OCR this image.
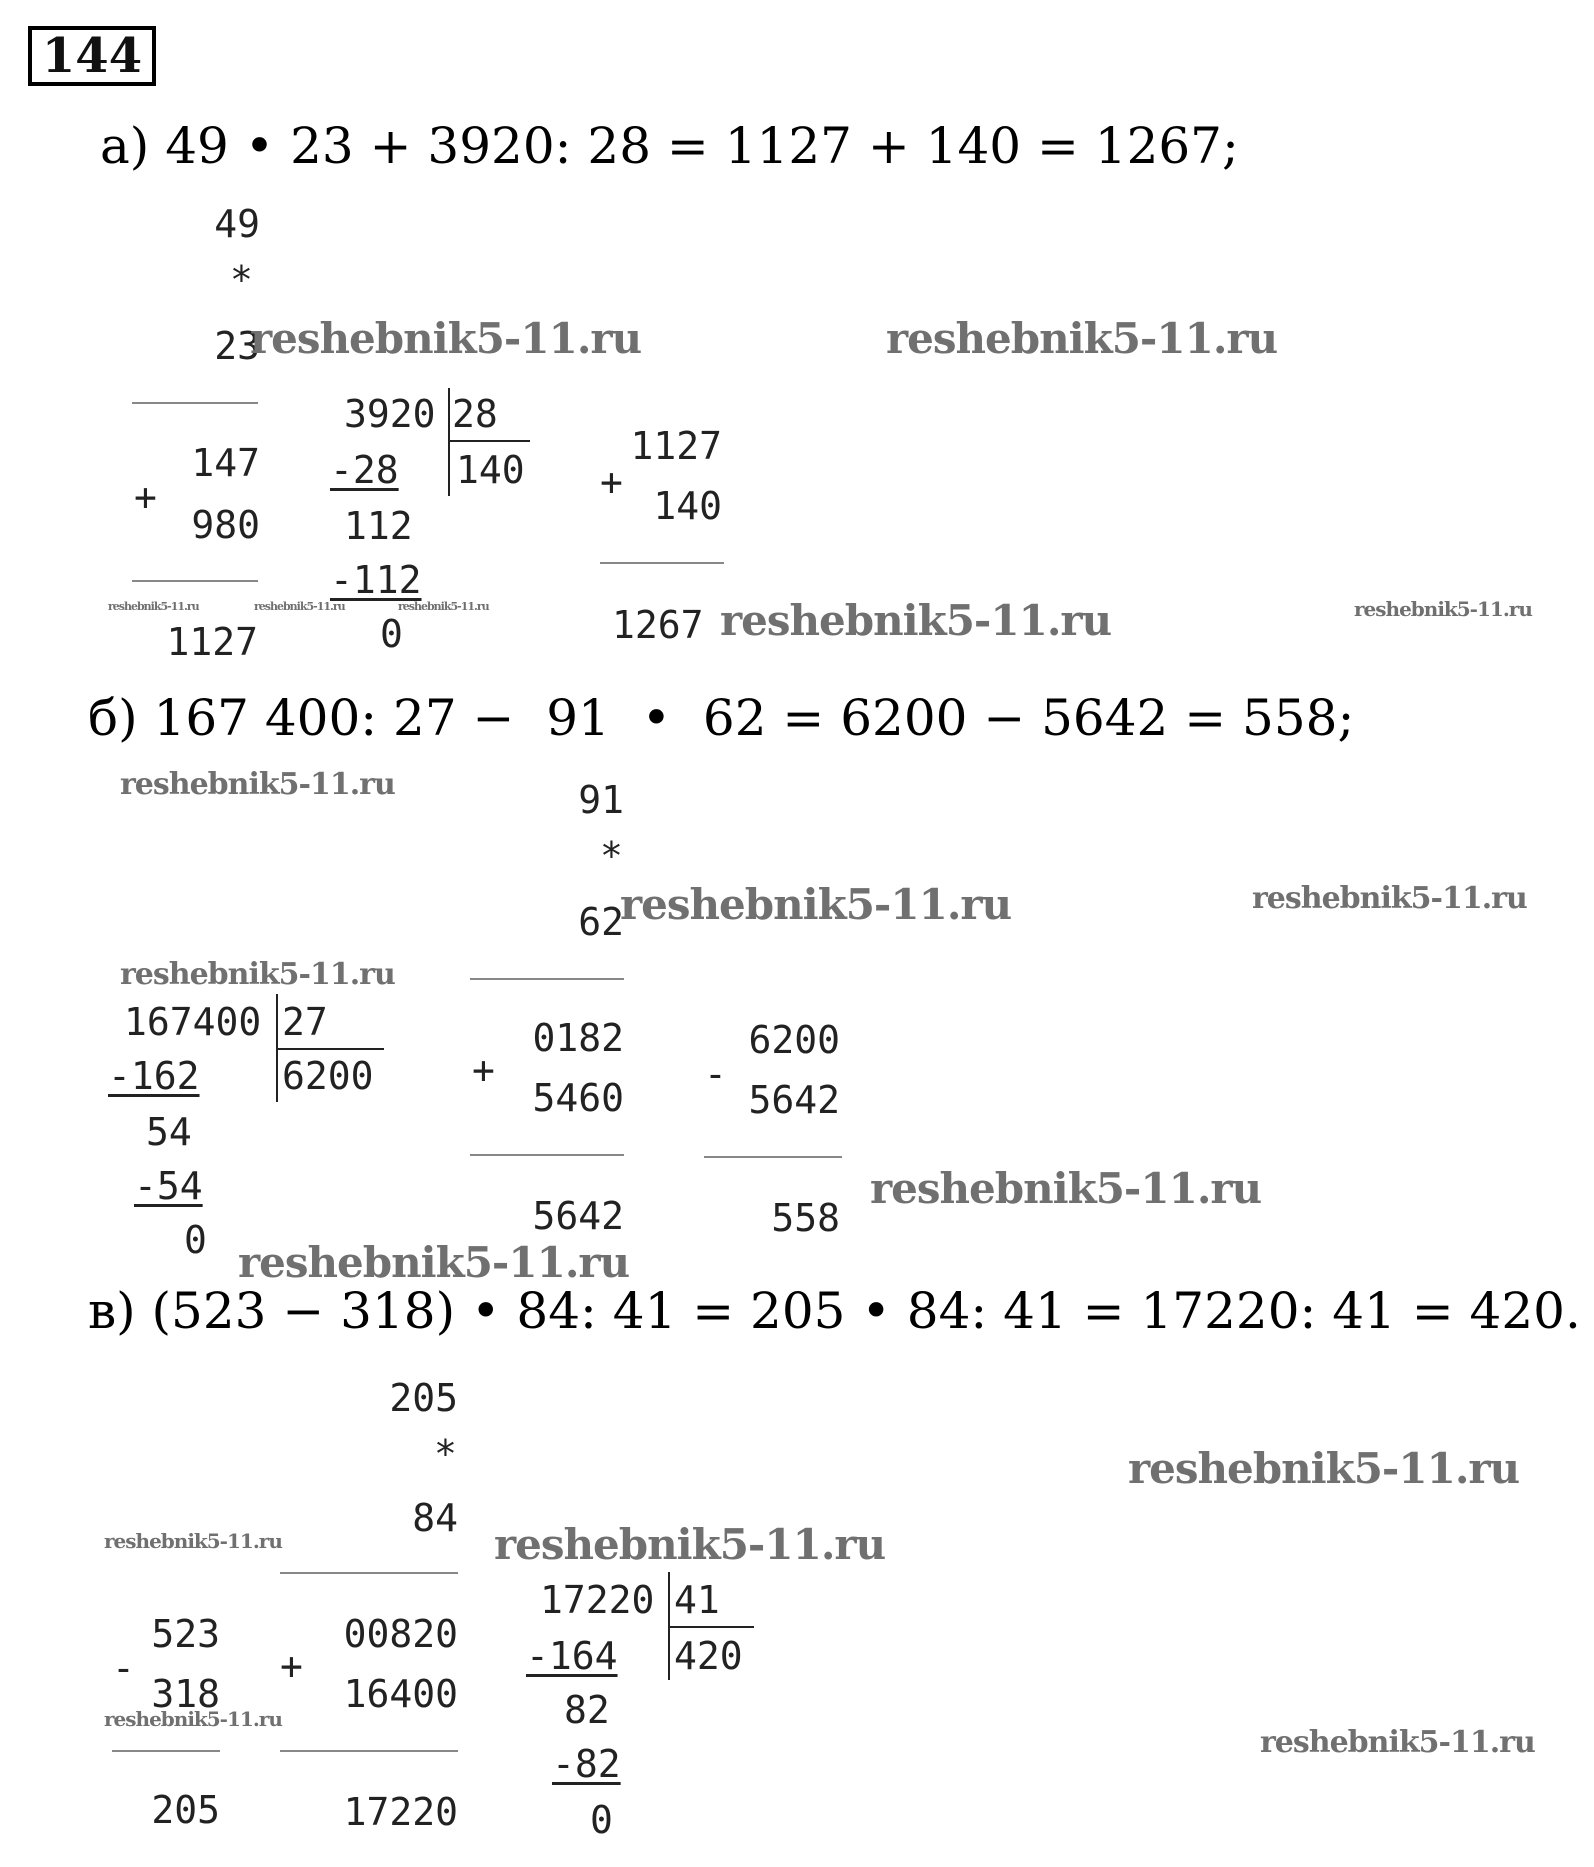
144
а) 49 • 23 + 3920: 28 = 1127 + 140 = 1267;
49
*
23
147
+
980
1127
3920 28
140
-28
112
-112
0
1127
+
140
1267
б) 167 400: 27 −  91  •  62 = 6200 − 5642 = 558;
167400 27
6200
-162
54
-54
0
91
*
62
0182
+
5460
5642
6200
-
5642
558
в) (523 − 318) • 84: 41 = 205 • 84: 41 = 17220: 41 = 420.
205
*
84
00820
+
16400
17220
523
-
318
205
17220 41
420
-164
82
-82
0
reshebnik5-11.ru	reshebnik5-11.ru
reshebnik5-11.ru
reshebnik5-11.ru	reshebnik5-11.ru	reshebnik5-11.ru	reshebnik5-11.ru
reshebnik5-11.ru
reshebnik5-11.ru	reshebnik5-11.ru
reshebnik5-11.ru
reshebnik5-11.ru
reshebnik5-11.ru
reshebnik5-11.ru
reshebnik5-11.ru
reshebnik5-11.ru
reshebnik5-11.ru
reshebnik5-11.ru
